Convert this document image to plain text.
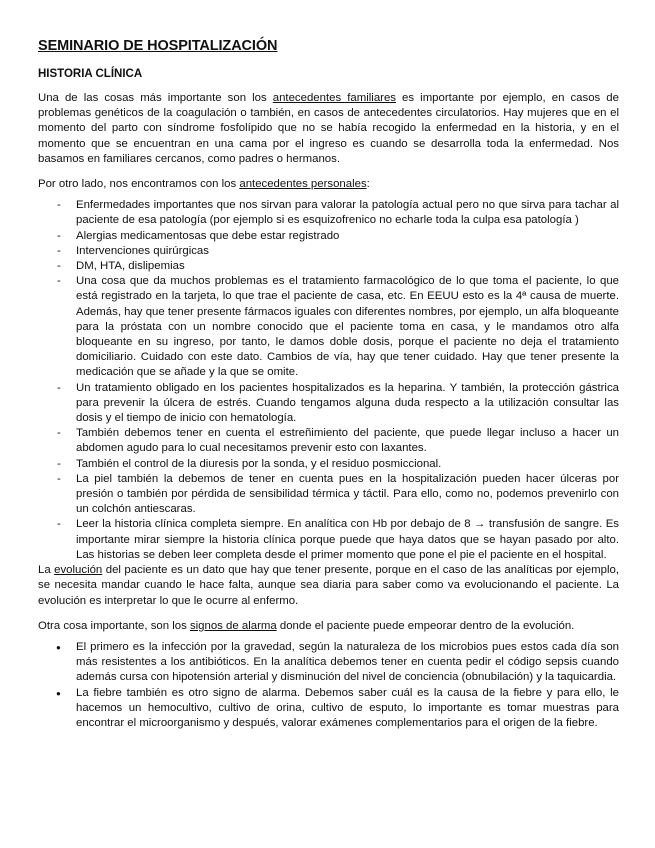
SEMINARIO DE HOSPITALIZACIÓN
HISTORIA CLÍNICA

Una de las cosas más importante son los antecedentes familiares es importante por ejemplo, en casos de problemas genéticos de la coagulación o también, en casos de antecedentes circulatorios. Hay mujeres que en el momento del parto con síndrome fosfolípido que no se había recogido la enfermedad en la historia, y en el momento que se encuentran en una cama por el ingreso es cuando se desarrolla toda la enfermedad. Nos basamos en familiares cercanos, como padres o hermanos.

Por otro lado, nos encontramos con los antecedentes personales:

- Enfermedades importantes que nos sirvan para valorar la patología actual pero no que sirva para tachar al paciente de esa patología (por ejemplo si es esquizofrenico no echarle toda la culpa esa patología )
- Alergias medicamentosas que debe estar registrado
- Intervenciones quirúrgicas
- DM, HTA, dislipemias
- Una cosa que da muchos problemas es el tratamiento farmacológico de lo que toma el paciente, lo que está registrado en la tarjeta, lo que trae el paciente de casa, etc. En EEUU esto es la 4ª causa de muerte. Además, hay que tener presente fármacos iguales con diferentes nombres, por ejemplo, un alfa bloqueante para la próstata con un nombre conocido que el paciente toma en casa, y le mandamos otro alfa bloqueante en su ingreso, por tanto, le damos doble dosis, porque el paciente no deja el tratamiento domiciliario. Cuidado con este dato. Cambios de vía, hay que tener cuidado. Hay que tener presente la medicación que se añade y la que se omite.
- Un tratamiento obligado en los pacientes hospitalizados es la heparina. Y también, la protección gástrica para prevenir la úlcera de estrés. Cuando tengamos alguna duda respecto a la utilización consultar las dosis y el tiempo de inicio con hematología.
- También debemos tener en cuenta el estreñimiento del paciente, que puede llegar incluso a hacer un abdomen agudo para lo cual necesitamos prevenir esto con laxantes.
- También el control de la diuresis por la sonda, y el residuo posmiccional.
- La piel también la debemos de tener en cuenta pues en la hospitalización pueden hacer úlceras por presión o también por pérdida de sensibilidad térmica y táctil. Para ello, como no, podemos prevenirlo con un colchón antiescaras.
- Leer la historia clínica completa siempre. En analítica con Hb por debajo de 8 → transfusión de sangre. Es importante mirar siempre la historia clínica porque puede que haya datos que se hayan pasado por alto. Las historias se deben leer completa desde el primer momento que pone el pie el paciente en el hospital.

La evolución del paciente es un dato que hay que tener presente, porque en el caso de las analíticas por ejemplo, se necesita mandar cuando le hace falta, aunque sea diaria para saber como va evolucionando el paciente. La evolución es interpretar lo que le ocurre al enfermo.

Otra cosa importante, son los signos de alarma donde el paciente puede empeorar dentro de la evolución.

● El primero es la infección por la gravedad, según la naturaleza de los microbios pues estos cada día son más resistentes a los antibióticos. En la analítica debemos tener en cuenta pedir el código sepsis cuando además cursa con hipotensión arterial y disminución del nivel de conciencia (obnubilación) y la taquicardia.
● La fiebre también es otro signo de alarma. Debemos saber cuál es la causa de la fiebre y para ello, le hacemos un hemocultivo, cultivo de orina, cultivo de esputo, lo importante es tomar muestras para encontrar el microorganismo y después, valorar exámenes complementarios para el origen de la fiebre.
